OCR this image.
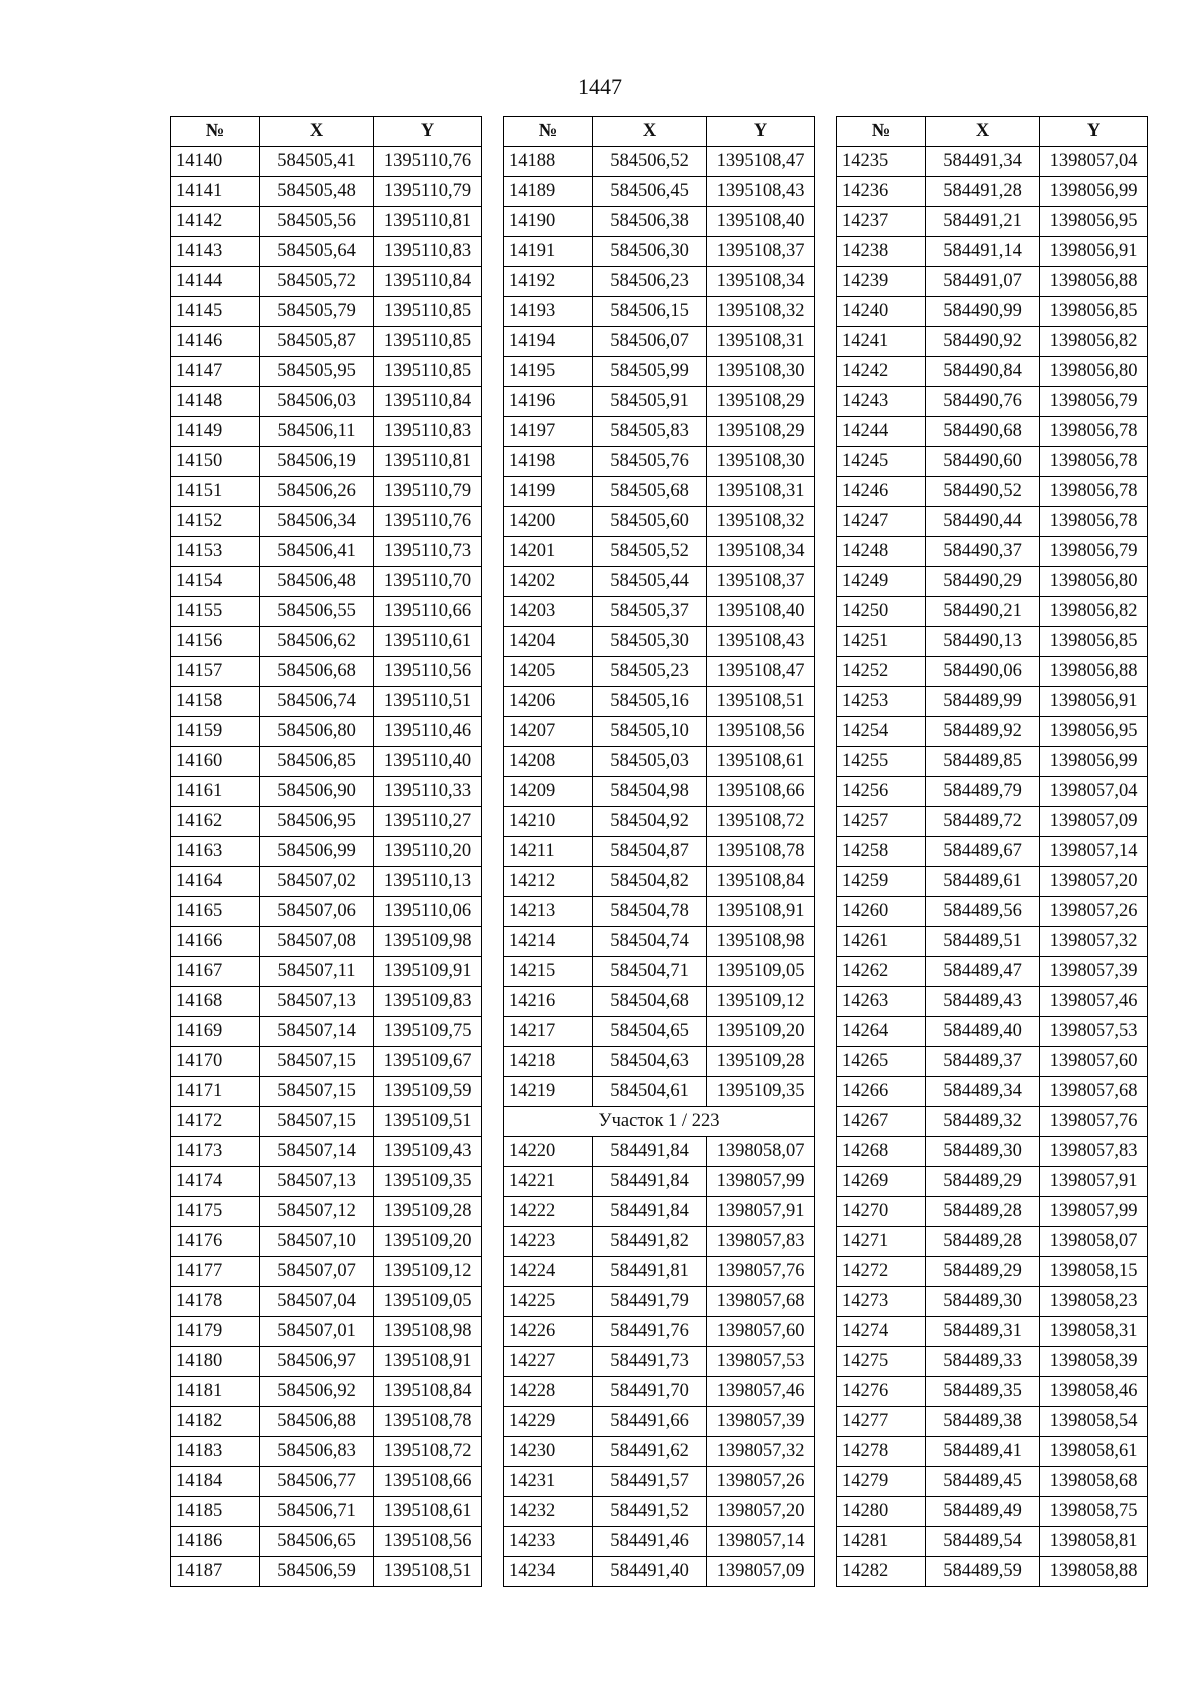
1447
№	X	Y
14140	584505,41	1395110,76
14141	584505,48	1395110,79
14142	584505,56	1395110,81
14143	584505,64	1395110,83
14144	584505,72	1395110,84
14145	584505,79	1395110,85
14146	584505,87	1395110,85
14147	584505,95	1395110,85
14148	584506,03	1395110,84
14149	584506,11	1395110,83
14150	584506,19	1395110,81
14151	584506,26	1395110,79
14152	584506,34	1395110,76
14153	584506,41	1395110,73
14154	584506,48	1395110,70
14155	584506,55	1395110,66
14156	584506,62	1395110,61
14157	584506,68	1395110,56
14158	584506,74	1395110,51
14159	584506,80	1395110,46
14160	584506,85	1395110,40
14161	584506,90	1395110,33
14162	584506,95	1395110,27
14163	584506,99	1395110,20
14164	584507,02	1395110,13
14165	584507,06	1395110,06
14166	584507,08	1395109,98
14167	584507,11	1395109,91
14168	584507,13	1395109,83
14169	584507,14	1395109,75
14170	584507,15	1395109,67
14171	584507,15	1395109,59
14172	584507,15	1395109,51
14173	584507,14	1395109,43
14174	584507,13	1395109,35
14175	584507,12	1395109,28
14176	584507,10	1395109,20
14177	584507,07	1395109,12
14178	584507,04	1395109,05
14179	584507,01	1395108,98
14180	584506,97	1395108,91
14181	584506,92	1395108,84
14182	584506,88	1395108,78
14183	584506,83	1395108,72
14184	584506,77	1395108,66
14185	584506,71	1395108,61
14186	584506,65	1395108,56
14187	584506,59	1395108,51
№	X	Y
14188	584506,52	1395108,47
14189	584506,45	1395108,43
14190	584506,38	1395108,40
14191	584506,30	1395108,37
14192	584506,23	1395108,34
14193	584506,15	1395108,32
14194	584506,07	1395108,31
14195	584505,99	1395108,30
14196	584505,91	1395108,29
14197	584505,83	1395108,29
14198	584505,76	1395108,30
14199	584505,68	1395108,31
14200	584505,60	1395108,32
14201	584505,52	1395108,34
14202	584505,44	1395108,37
14203	584505,37	1395108,40
14204	584505,30	1395108,43
14205	584505,23	1395108,47
14206	584505,16	1395108,51
14207	584505,10	1395108,56
14208	584505,03	1395108,61
14209	584504,98	1395108,66
14210	584504,92	1395108,72
14211	584504,87	1395108,78
14212	584504,82	1395108,84
14213	584504,78	1395108,91
14214	584504,74	1395108,98
14215	584504,71	1395109,05
14216	584504,68	1395109,12
14217	584504,65	1395109,20
14218	584504,63	1395109,28
14219	584504,61	1395109,35
Участок 1 / 223		
14220	584491,84	1398058,07
14221	584491,84	1398057,99
14222	584491,84	1398057,91
14223	584491,82	1398057,83
14224	584491,81	1398057,76
14225	584491,79	1398057,68
14226	584491,76	1398057,60
14227	584491,73	1398057,53
14228	584491,70	1398057,46
14229	584491,66	1398057,39
14230	584491,62	1398057,32
14231	584491,57	1398057,26
14232	584491,52	1398057,20
14233	584491,46	1398057,14
14234	584491,40	1398057,09
№	X	Y
14235	584491,34	1398057,04
14236	584491,28	1398056,99
14237	584491,21	1398056,95
14238	584491,14	1398056,91
14239	584491,07	1398056,88
14240	584490,99	1398056,85
14241	584490,92	1398056,82
14242	584490,84	1398056,80
14243	584490,76	1398056,79
14244	584490,68	1398056,78
14245	584490,60	1398056,78
14246	584490,52	1398056,78
14247	584490,44	1398056,78
14248	584490,37	1398056,79
14249	584490,29	1398056,80
14250	584490,21	1398056,82
14251	584490,13	1398056,85
14252	584490,06	1398056,88
14253	584489,99	1398056,91
14254	584489,92	1398056,95
14255	584489,85	1398056,99
14256	584489,79	1398057,04
14257	584489,72	1398057,09
14258	584489,67	1398057,14
14259	584489,61	1398057,20
14260	584489,56	1398057,26
14261	584489,51	1398057,32
14262	584489,47	1398057,39
14263	584489,43	1398057,46
14264	584489,40	1398057,53
14265	584489,37	1398057,60
14266	584489,34	1398057,68
14267	584489,32	1398057,76
14268	584489,30	1398057,83
14269	584489,29	1398057,91
14270	584489,28	1398057,99
14271	584489,28	1398058,07
14272	584489,29	1398058,15
14273	584489,30	1398058,23
14274	584489,31	1398058,31
14275	584489,33	1398058,39
14276	584489,35	1398058,46
14277	584489,38	1398058,54
14278	584489,41	1398058,61
14279	584489,45	1398058,68
14280	584489,49	1398058,75
14281	584489,54	1398058,81
14282	584489,59	1398058,88
